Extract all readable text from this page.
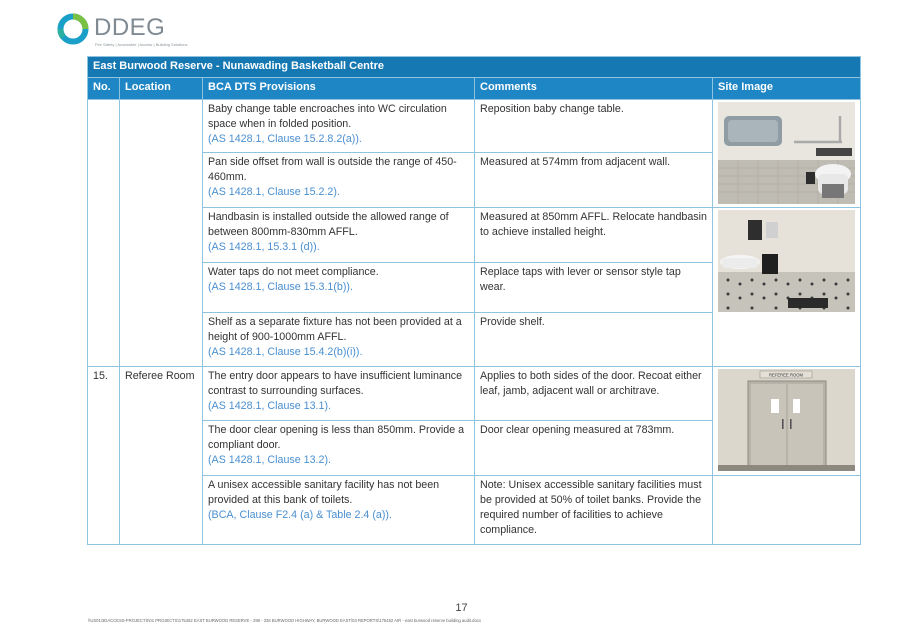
DDEG
Fire Safety | Accessible | Access | Building Solutions
East Burwood Reserve - Nunawading Basketball Centre				
No.	Location	BCA DTS Provisions	Comments	Site Image
		Baby change table encroaches into WC circulation space when in folded position.
(AS 1428.1, Clause 15.2.8.2(a)).	Reposition baby change table.	

		Pan side offset from wall is outside the range of 450-460mm.
(AS 1428.1, Clause 15.2.2).	Measured at 574mm from adjacent wall.	
		Handbasin is installed outside the allowed range of between 800mm-830mm AFFL.
(AS 1428.1, 15.3.1 (d)).	Measured at 850mm AFFL. Relocate handbasin to achieve installed height.	

		Water taps do not meet compliance.
(AS 1428.1, Clause 15.3.1(b)).	Replace taps with lever or sensor style tap wear.	
		Shelf as a separate fixture has not been provided at a height of 900-1000mm AFFL.
(AS 1428.1, Clause 15.4.2(b)(i)).	Provide shelf.	
15.	Referee Room	The entry door appears to have insufficient luminance contrast to surrounding surfaces.
(AS 1428.1, Clause 13.1).	Applies to both sides of the door. Recoat either leaf, jamb, adjacent wall or architrave.	REFEREE ROOM

		The door clear opening is less than 850mm. Provide a compliant door.
(AS 1428.1, Clause 13.2).	Door clear opening measured at 783mm.	
		A unisex accessible sanitary facility has not been provided at this bank of toilets.
(BCA, Clause F2.4 (a) & Table 2.4 (a)).	Note: Unisex accessible sanitary facilities must be provided at 50% of toilet banks. Provide the required number of facilities to achieve compliance.	
17
\\US01\3DACCESS-PROJECTS\01 PROJECTS\175452 EAST BURWOOD RESERVE - 298 - 336 BURWOOD HIGHWAY, BURWOOD EAST\03 REPORTS\175452 AIR - east burwood reserve building audit.docx
